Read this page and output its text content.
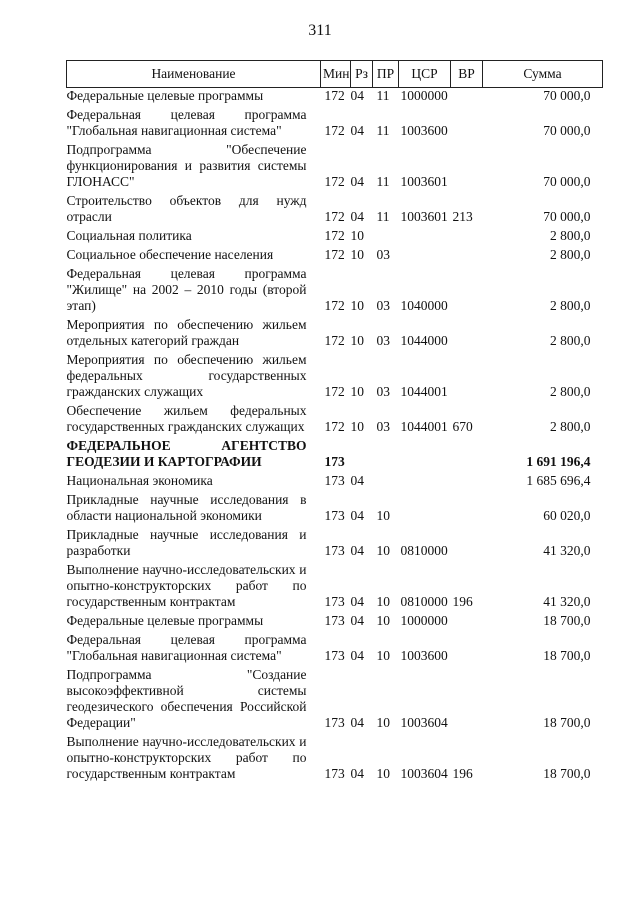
311
Наименование	Мин	Рз	ПР	ЦСР	ВР	Сумма
Федеральные целевые программы	172	04	11	1000000		70 000,0
Федеральная целевая программа "Глобальная навигационная система"	172	04	11	1003600		70 000,0
Подпрограмма "Обеспечение функционирования и развития системы ГЛОНАСС"	172	04	11	1003601		70 000,0
Строительство объектов для нужд отрасли	172	04	11	1003601	213	70 000,0
Социальная политика	172	10				2 800,0
Социальное обеспечение населения	172	10	03			2 800,0
Федеральная целевая программа "Жилище" на 2002 – 2010 годы (второй этап)	172	10	03	1040000		2 800,0
Мероприятия по обеспечению жильем отдельных категорий граждан	172	10	03	1044000		2 800,0
Мероприятия по обеспечению жильем федеральных государственных гражданских служащих	172	10	03	1044001		2 800,0
Обеспечение жильем федеральных государственных гражданских служащих	172	10	03	1044001	670	2 800,0
ФЕДЕРАЛЬНОЕ АГЕНТСТВО ГЕОДЕЗИИ И КАРТОГРАФИИ	173					1 691 196,4
Национальная экономика	173	04				1 685 696,4
Прикладные научные исследования в области национальной экономики	173	04	10			60 020,0
Прикладные научные исследования и разработки	173	04	10	0810000		41 320,0
Выполнение научно-исследовательских и опытно-конструкторских работ по государственным контрактам	173	04	10	0810000	196	41 320,0
Федеральные целевые программы	173	04	10	1000000		18 700,0
Федеральная целевая программа "Глобальная навигационная система"	173	04	10	1003600		18 700,0
Подпрограмма "Создание высокоэффективной системы геодезического обеспечения Российской Федерации"	173	04	10	1003604		18 700,0
Выполнение научно-исследовательских и опытно-конструкторских работ по государственным контрактам	173	04	10	1003604	196	18 700,0
